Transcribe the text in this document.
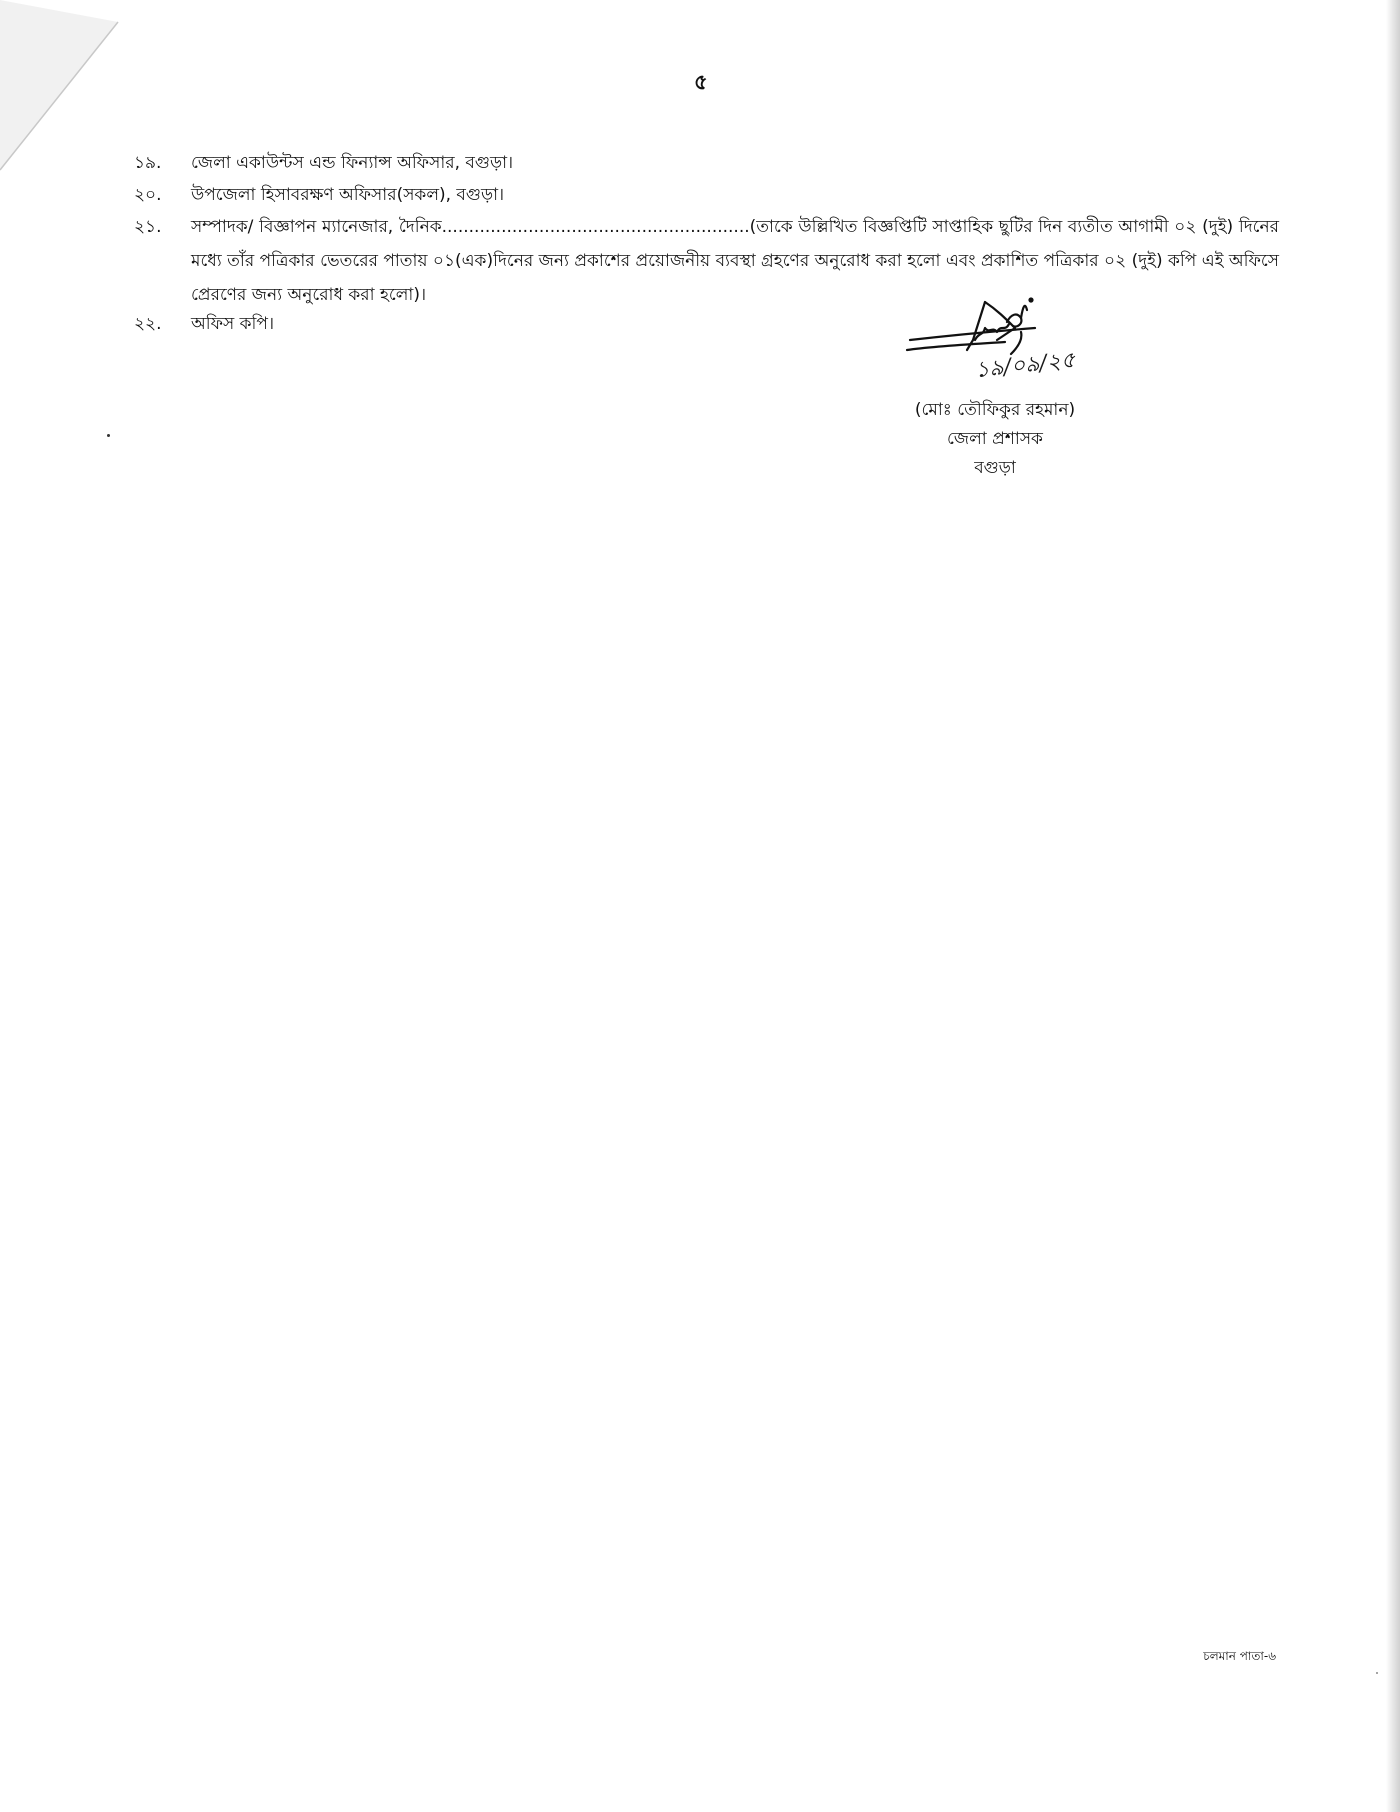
৫
১৯.	জেলা একাউন্টস এন্ড ফিন্যান্স অফিসার, বগুড়া।
২০.	উপজেলা হিসাবরক্ষণ অফিসার(সকল), বগুড়া।
২১.	সম্পাদক/ বিজ্ঞাপন ম্যানেজার, দৈনিক.........................................................(তাকে উল্লিখিত বিজ্ঞপ্তিটি সাপ্তাহিক ছুটির দিন ব্যতীত আগামী ০২ (দুই) দিনের মধ্যে তাঁর পত্রিকার ভেতরের পাতায় ০১(এক)দিনের জন্য প্রকাশের প্রয়োজনীয় ব্যবস্থা গ্রহণের অনুরোধ করা হলো এবং প্রকাশিত পত্রিকার ০২ (দুই) কপি এই অফিসে প্রেরণের জন্য অনুরোধ করা হলো)।
২২.	অফিস কপি।
১৯/০৯/২৫
(মোঃ তৌফিকুর রহমান)
জেলা প্রশাসক
বগুড়া
চলমান পাতা-৬
